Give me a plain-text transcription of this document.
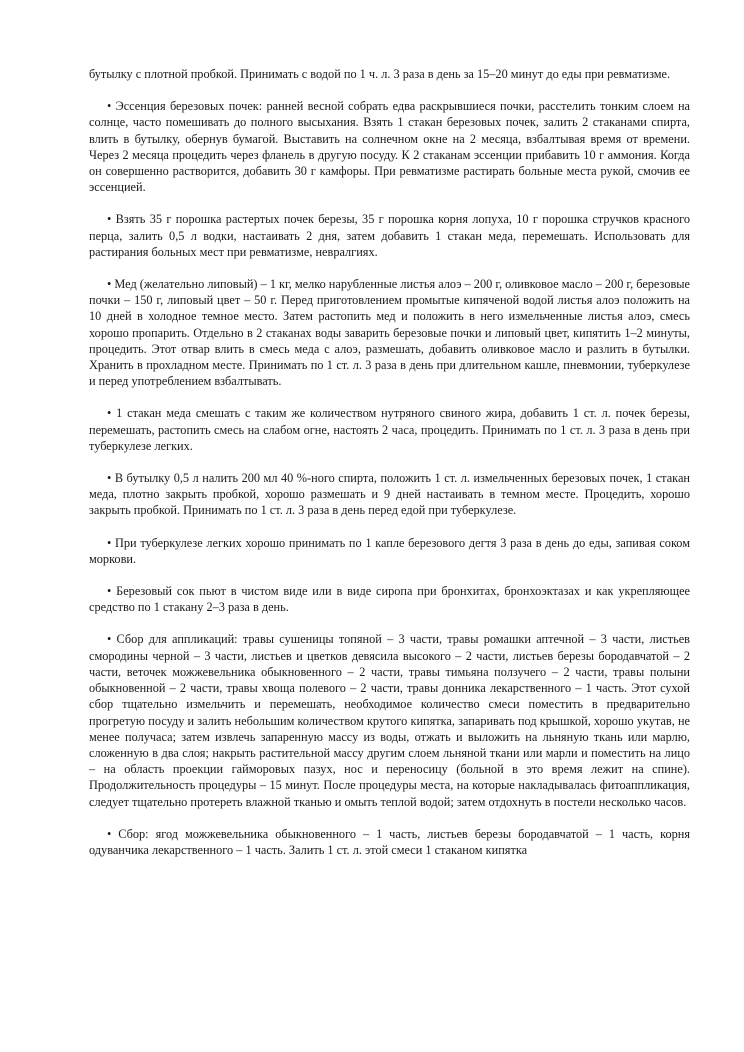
бутылку с плотной пробкой. Принимать с водой по 1 ч. л. 3 раза в день за 15–20 минут до еды при ревматизме.

• Эссенция березовых почек: ранней весной собрать едва раскрывшиеся почки, расстелить тонким слоем на солнце, часто помешивать до полного высыхания. Взять 1 стакан березовых почек, залить 2 стаканами спирта, влить в бутылку, обернув бумагой. Выставить на солнечном окне на 2 месяца, взбалтывая время от времени. Через 2 месяца процедить через фланель в другую посуду. К 2 стаканам эссенции прибавить 10 г аммония. Когда он совершенно растворится, добавить 30 г камфоры. При ревматизме растирать больные места рукой, смочив ее эссенцией.

• Взять 35 г порошка растертых почек березы, 35 г порошка корня лопуха, 10 г порошка стручков красного перца, залить 0,5 л водки, настаивать 2 дня, затем добавить 1 стакан меда, перемешать. Использовать для растирания больных мест при ревматизме, невралгиях.

• Мед (желательно липовый) – 1 кг, мелко нарубленные листья алоэ – 200 г, оливковое масло – 200 г, березовые почки – 150 г, липовый цвет – 50 г. Перед приготовлением промытые кипяченой водой листья алоэ положить на 10 дней в холодное темное место. Затем растопить мед и положить в него измельченные листья алоэ, смесь хорошо пропарить. Отдельно в 2 стаканах воды заварить березовые почки и липовый цвет, кипятить 1–2 минуты, процедить. Этот отвар влить в смесь меда с алоэ, размешать, добавить оливковое масло и разлить в бутылки. Хранить в прохладном месте. Принимать по 1 ст. л. 3 раза в день при длительном кашле, пневмонии, туберкулезе и перед употреблением взбалтывать.

• 1 стакан меда смешать с таким же количеством нутряного свиного жира, добавить 1 ст. л. почек березы, перемешать, растопить смесь на слабом огне, настоять 2 часа, процедить. Принимать по 1 ст. л. 3 раза в день при туберкулезе легких.

• В бутылку 0,5 л налить 200 мл 40 %-ного спирта, положить 1 ст. л. измельченных березовых почек, 1 стакан меда, плотно закрыть пробкой, хорошо размешать и 9 дней настаивать в темном месте. Процедить, хорошо закрыть пробкой. Принимать по 1 ст. л. 3 раза в день перед едой при туберкулезе.

• При туберкулезе легких хорошо принимать по 1 капле березового дегтя 3 раза в день до еды, запивая соком моркови.

• Березовый сок пьют в чистом виде или в виде сиропа при бронхитах, бронхоэктазах и как укрепляющее средство по 1 стакану 2–3 раза в день.

• Сбор для аппликаций: травы сушеницы топяной – 3 части, травы ромашки аптечной – 3 части, листьев смородины черной – 3 части, листьев и цветков девясила высокого – 2 части, листьев березы бородавчатой – 2 части, веточек можжевельника обыкновенного – 2 части, травы тимьяна ползучего – 2 части, травы полыни обыкновенной – 2 части, травы хвоща полевого – 2 части, травы донника лекарственного – 1 часть. Этот сухой сбор тщательно измельчить и перемешать, необходимое количество смеси поместить в предварительно прогретую посуду и залить небольшим количеством крутого кипятка, запаривать под крышкой, хорошо укутав, не менее получаса; затем извлечь запаренную массу из воды, отжать и выложить на льняную ткань или марлю, сложенную в два слоя; накрыть растительной массу другим слоем льняной ткани или марли и поместить на лицо – на область проекции гайморовых пазух, нос и переносицу (больной в это время лежит на спине). Продолжительность процедуры – 15 минут. После процедуры места, на которые накладывалась фитоаппликация, следует тщательно протереть влажной тканью и омыть теплой водой; затем отдохнуть в постели несколько часов.

• Сбор: ягод можжевельника обыкновенного – 1 часть, листьев березы бородавчатой – 1 часть, корня одуванчика лекарственного – 1 часть. Залить 1 ст. л. этой смеси 1 стаканом кипятка
